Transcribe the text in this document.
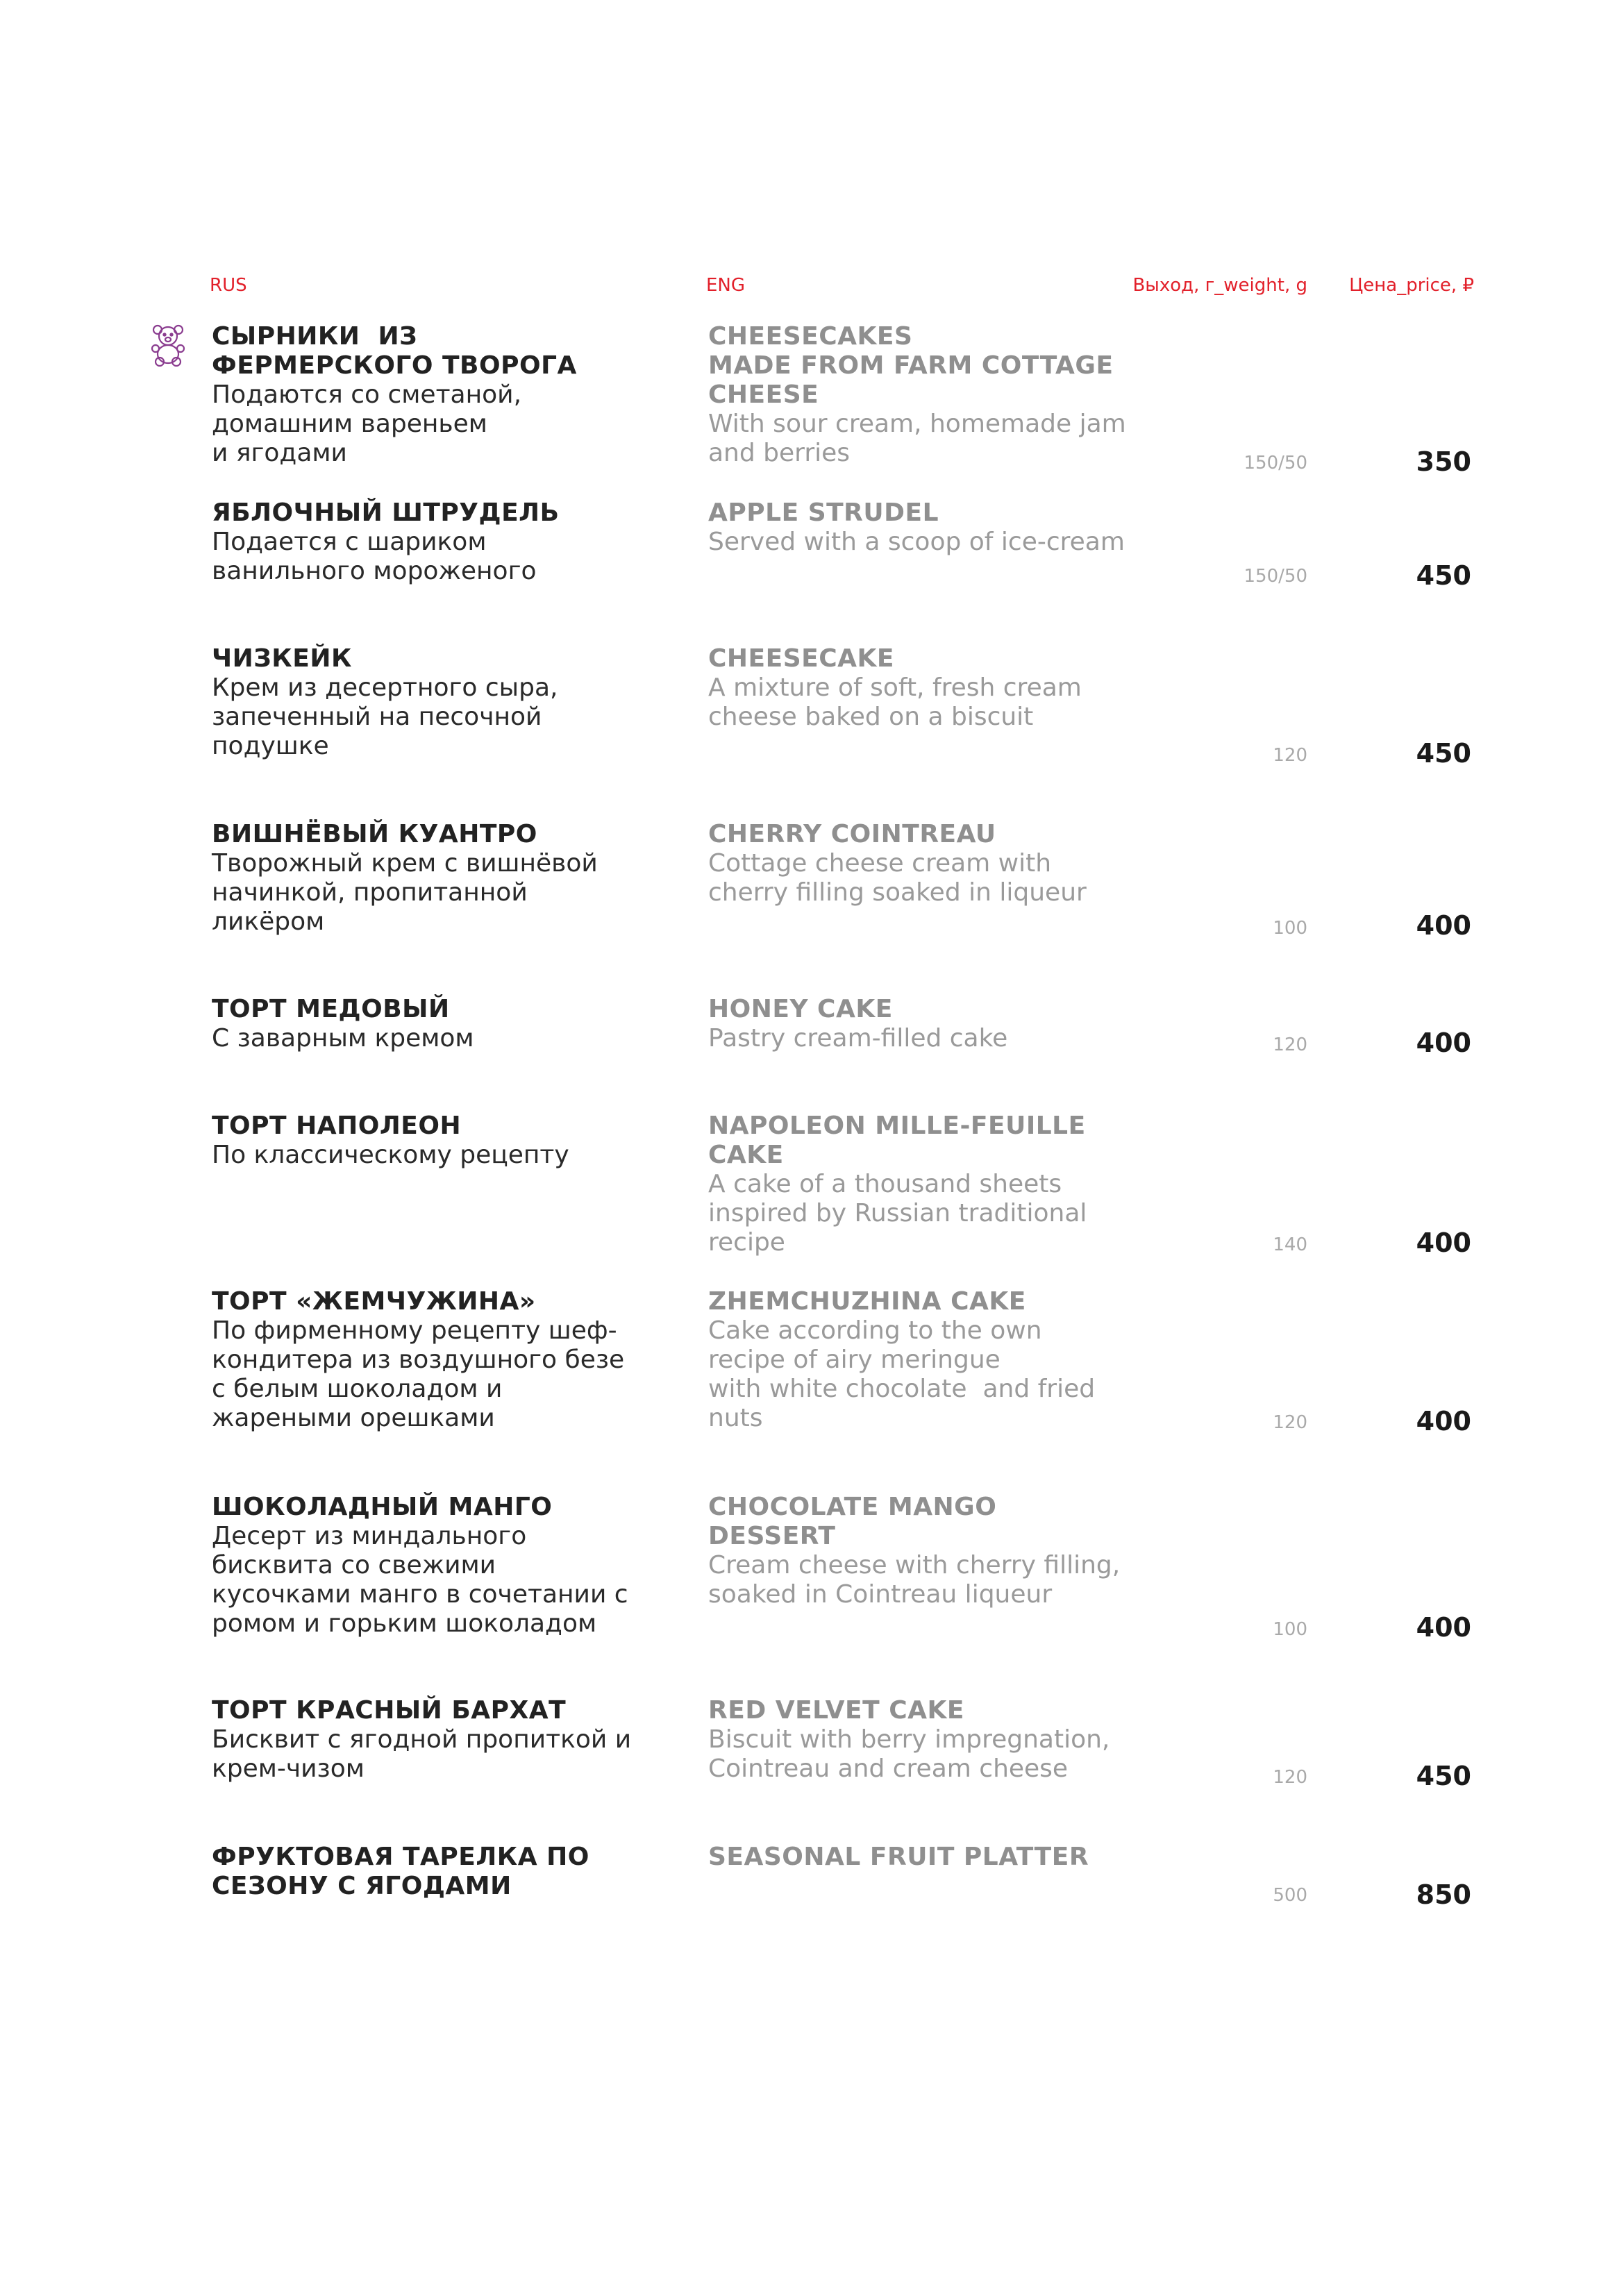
RUS	ENG	Выход, г_weight, g Цена_price, ₽
СЫРНИКИ  ИЗ
ФЕРМЕРСКОГО ТВОРОГА
Подаются со сметаной,
домашним вареньем
и ягодами
CHEESECAKES
MADE FROM FARM COTTAGE
CHEESE
With sour cream, homemade jam
and berries	150/50	350
ЯБЛОЧНЫЙ ШТРУДЕЛЬ
Подается с шариком
ванильного мороженого
APPLE STRUDEL
Served with a scoop of ice-cream
150/50	450
ЧИЗКЕЙК
Крем из десертного сыра,
запеченный на песочной
подушке
CHEESECAKE
A mixture of soft, fresh cream
cheese baked on a biscuit
120	450
ВИШНЁВЫЙ КУАНТРО
Творожный крем с вишнёвой
начинкой, пропитанной
ликёром
CHERRY COINTREAU
Cottage cheese cream with
cherry filling soaked in liqueur
100	400
ТОРТ МЕДОВЫЙ
С заварным кремом
HONEY CAKE
Pastry cream-filled cake	120	400
ТОРТ НАПОЛЕОН
По классическому рецепту
NAPOLEON MILLE-FEUILLE
CAKE
A cake of a thousand sheets
inspired by Russian traditional
recipe	140	400
ТОРТ «ЖЕМЧУЖИНА»
По фирменному рецепту шеф-
кондитера из воздушного безе
с белым шоколадом и
жареными орешками
ZHEMCHUZHINA CAKE
Cake according to the own
recipe of airy meringue
with white chocolate  and fried
nuts	120	400
ШОКОЛАДНЫЙ МАНГО
Десерт из миндального
бисквита со свежими
кусочками манго в сочетании с
ромом и горьким шоколадом
CHOCOLATE MANGO
DESSERT
Cream cheese with cherry filling,
soaked in Cointreau liqueur
100	400
ТОРТ КРАСНЫЙ БАРХАТ
Бисквит с ягодной пропиткой и
крем-чизом
RED VELVET CAKE
Biscuit with berry impregnation,
Cointreau and cream cheese	120	450
ФРУКТОВАЯ ТАРЕЛКА ПО
СЕЗОНУ С ЯГОДАМИ
SEASONAL FRUIT PLATTER
500	850
